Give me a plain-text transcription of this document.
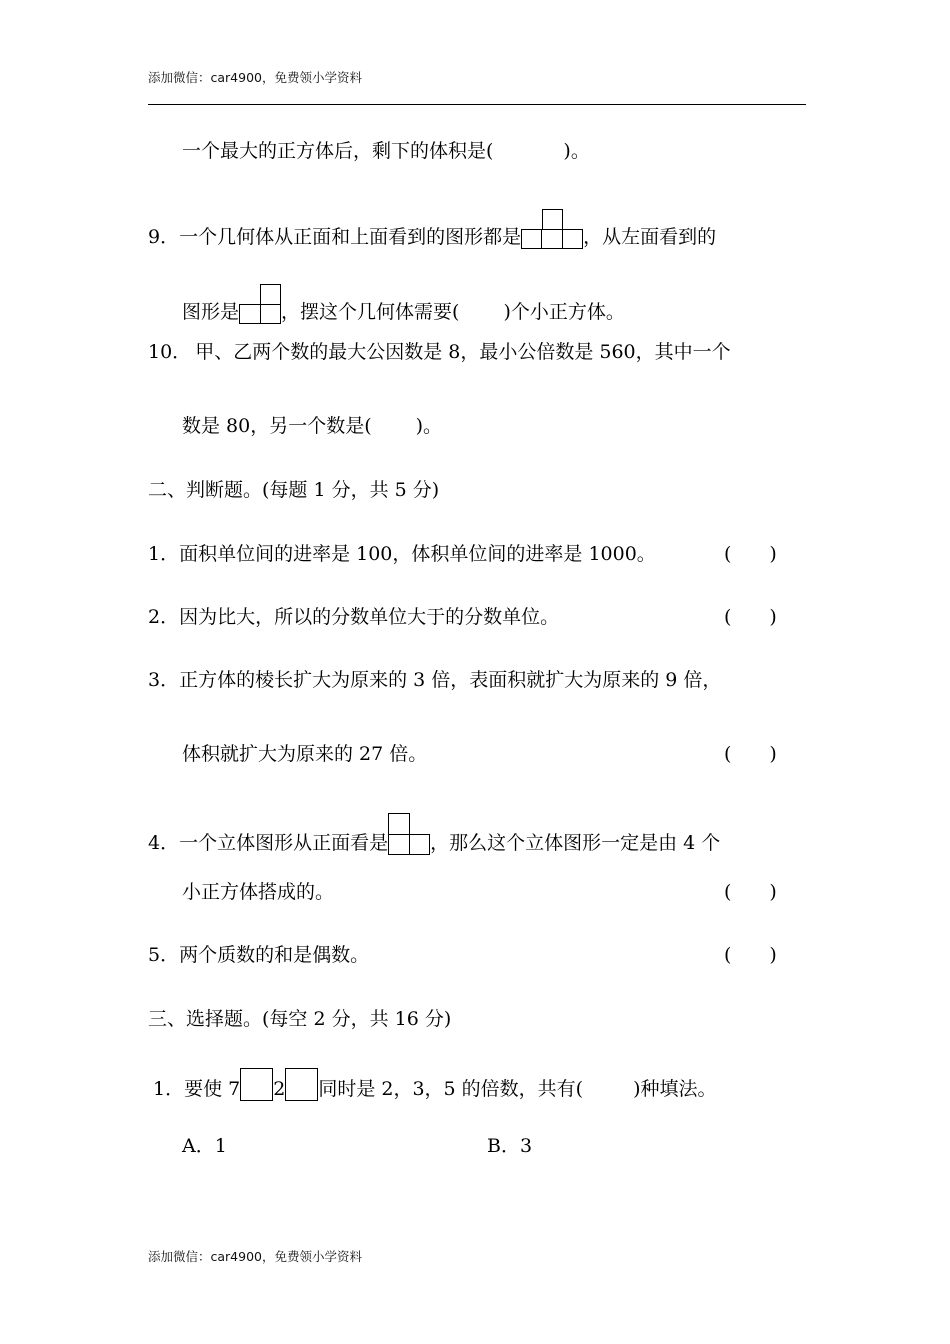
添加微信：car4900，免费领小学资料
一个最大的正方体后，剩下的体积是(	)。
9．一个几何体从正面和上面看到的图形都是	，从左面看到的
图形是 ，摆这个几何体需要( )个小正方体。
10． 甲、乙两个数的最大公因数是 8，最小公倍数是 560，其中一个
数是 80，另一个数是( )。
二、判断题。(每题 1 分，共 5 分)
1．面积单位间的进率是 100，体积单位间的进率是 1000。	(　　)
2．因为比大，所以的分数单位大于的分数单位。	(　　)
3．正方体的棱长扩大为原来的 3 倍，表面积就扩大为原来的 9 倍，
体积就扩大为原来的 27 倍。	(　　)
4．一个立体图形从正面看是 ，那么这个立体图形一定是由 4 个
小正方体搭成的。	(　　)
5．两个质数的和是偶数。	(　　)
三、选择题。(每空 2 分，共 16 分)
1．要使 7 2 同时是 2，3，5 的倍数，共有(	)种填法。
A．1	B．3
添加微信：car4900，免费领小学资料
